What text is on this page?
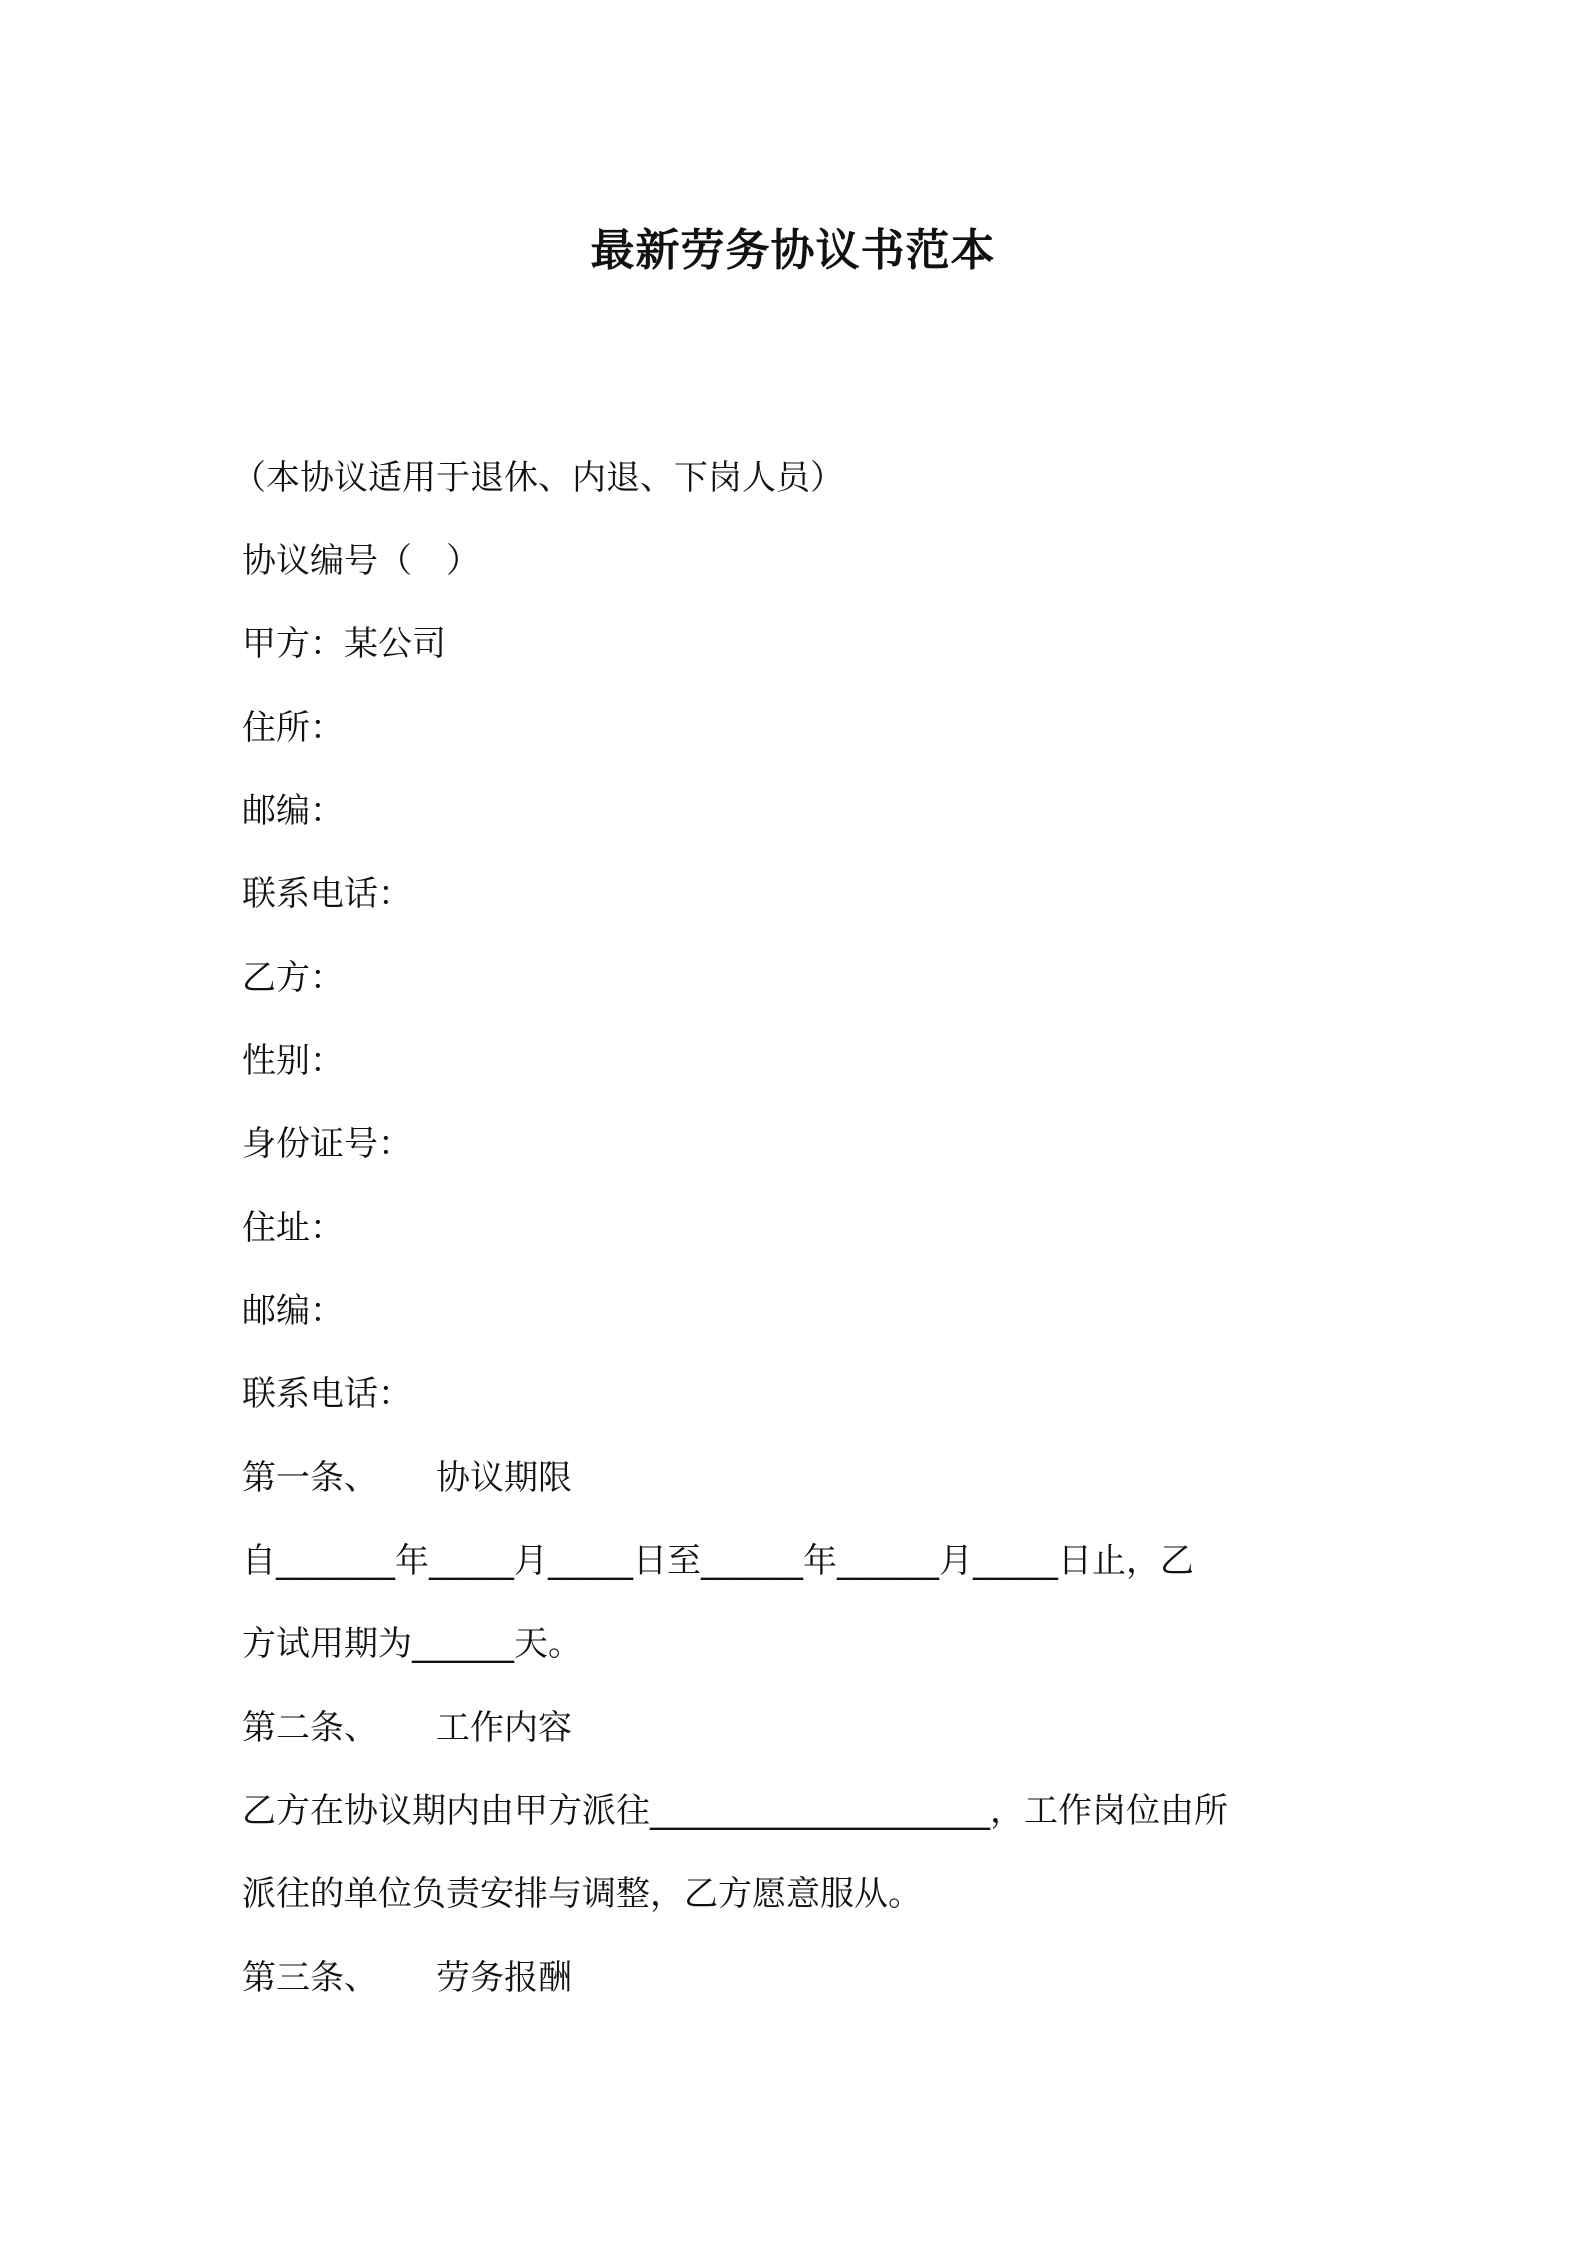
最新劳务协议书范本
（本协议适用于退休、内退、下岗人员）
协议编号（　）
甲方：某公司
住所：
邮编：
联系电话：
乙方：
性别：
身份证号：
住址：
邮编：
联系电话：
第一条、 协议期限
自_______年_____月_____日至______年______月_____日止，乙
方试用期为______天。
第二条、 工作内容
乙方在协议期内由甲方派往____________________，工作岗位由所
派往的单位负责安排与调整，乙方愿意服从。
第三条、 劳务报酬
